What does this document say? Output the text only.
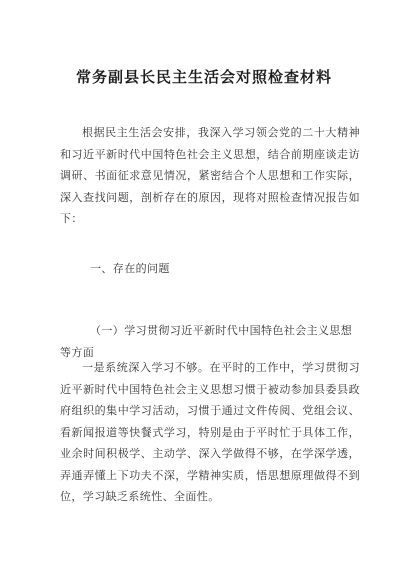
常务副县长民主生活会对照检查材料

根据民主生活会安排，我深入学习领会党的二十大精神和习近平新时代中国特色社会主义思想，结合前期座谈走访调研、书面征求意见情况，紧密结合个人思想和工作实际，深入查找问题，剖析存在的原因，现将对照检查情况报告如下：

一、存在的问题

（一）学习贯彻习近平新时代中国特色社会主义思想

等方面

一是系统深入学习不够。在平时的工作中，学习贯彻习近平新时代中国特色社会主义思想习惯于被动参加县委县政府组织的集中学习活动，习惯于通过文件传阅、党组会议、看新闻报道等快餐式学习，特别是由于平时忙于具体工作，业余时间积极学、主动学、深入学做得不够，在学深学透，弄通弄懂上下功夫不深，学精神实质，悟思想原理做得不到位，学习缺乏系统性、全面性。
